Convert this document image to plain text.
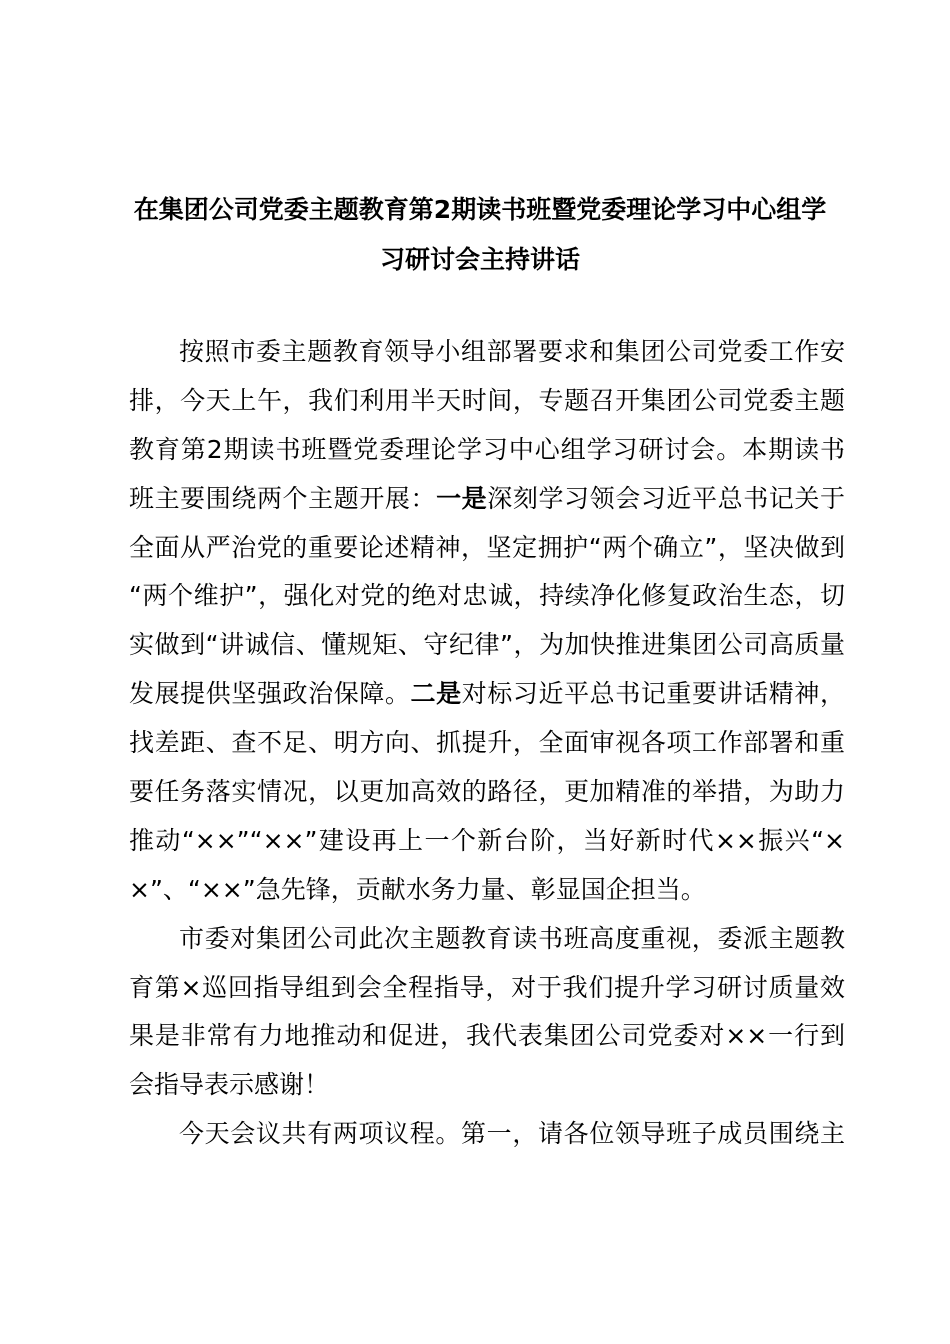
在集团公司党委主题教育第2期读书班暨党委理论学习中心组学
习研讨会主持讲话

按照市委主题教育领导小组部署要求和集团公司党委工作安
排，今天上午，我们利用半天时间，专题召开集团公司党委主题
教育第2期读书班暨党委理论学习中心组学习研讨会。本期读书
班主要围绕两个主题开展：一是深刻学习领会习近平总书记关于
全面从严治党的重要论述精神，坚定拥护“两个确立”，坚决做到
“两个维护”，强化对党的绝对忠诚，持续净化修复政治生态，切
实做到“讲诚信、懂规矩、守纪律”，为加快推进集团公司高质量
发展提供坚强政治保障。二是对标习近平总书记重要讲话精神，
找差距、查不足、明方向、抓提升，全面审视各项工作部署和重
要任务落实情况，以更加高效的路径，更加精准的举措，为助力
推动“××”“××”建设再上一个新台阶，当好新时代××振兴“×
×”、“××”急先锋，贡献水务力量、彰显国企担当。

市委对集团公司此次主题教育读书班高度重视，委派主题教
育第×巡回指导组到会全程指导，对于我们提升学习研讨质量效
果是非常有力地推动和促进，我代表集团公司党委对××一行到
会指导表示感谢！

今天会议共有两项议程。第一，请各位领导班子成员围绕主
